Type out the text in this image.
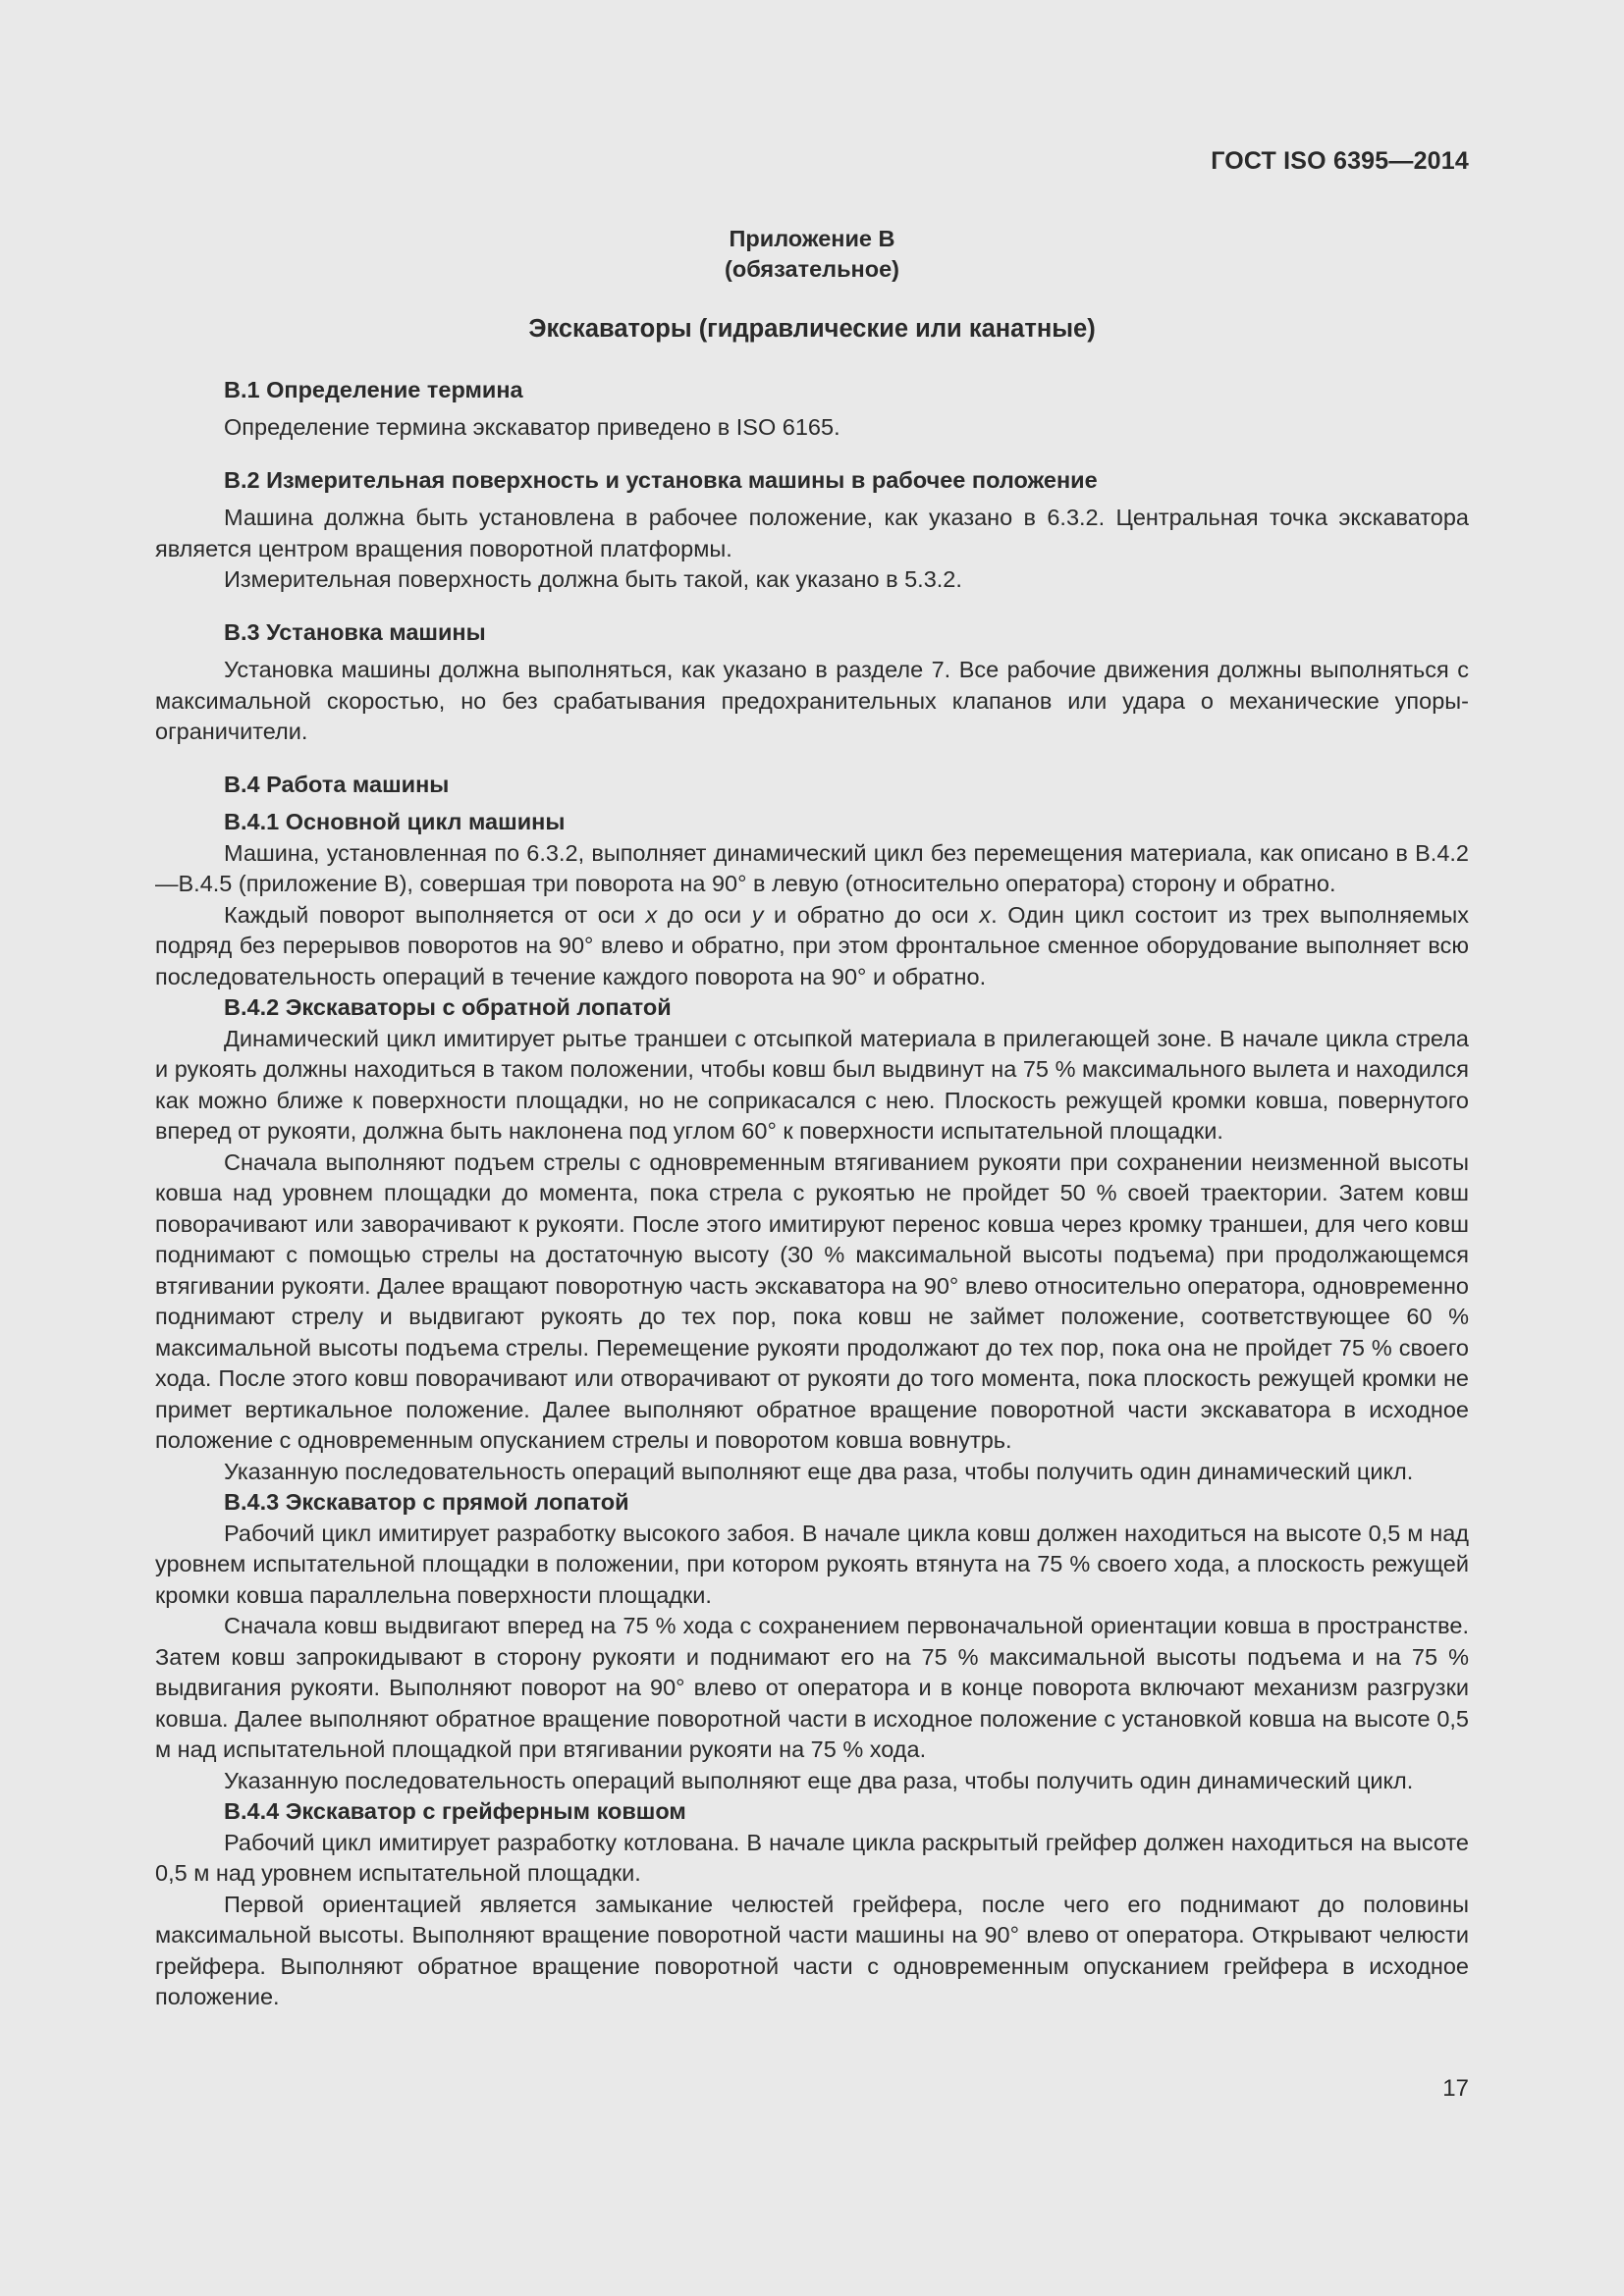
ГОСТ ISO 6395—2014
Приложение В
(обязательное)
Экскаваторы (гидравлические или канатные)
В.1 Определение термина
Определение термина экскаватор приведено в ISO 6165.
В.2 Измерительная поверхность и установка машины в рабочее положение
Машина должна быть установлена в рабочее положение, как указано в 6.3.2. Центральная точка экскаватора является центром вращения поворотной платформы.
Измерительная поверхность должна быть такой, как указано в 5.3.2.
В.3 Установка машины
Установка машины должна выполняться, как указано в разделе 7. Все рабочие движения должны выполняться с максимальной скоростью, но без срабатывания предохранительных клапанов или удара о механические упоры-ограничители.
В.4 Работа машины
В.4.1 Основной цикл машины
Машина, установленная по 6.3.2, выполняет динамический цикл без перемещения материала, как описано в В.4.2—В.4.5 (приложение В), совершая три поворота на 90° в левую (относительно оператора) сторону и обратно.
Каждый поворот выполняется от оси x до оси y и обратно до оси x. Один цикл состоит из трех выполняемых подряд без перерывов поворотов на 90° влево и обратно, при этом фронтальное сменное оборудование выполняет всю последовательность операций в течение каждого поворота на 90° и обратно.
В.4.2 Экскаваторы с обратной лопатой
Динамический цикл имитирует рытье траншеи с отсыпкой материала в прилегающей зоне. В начале цикла стрела и рукоять должны находиться в таком положении, чтобы ковш был выдвинут на 75 % максимального вылета и находился как можно ближе к поверхности площадки, но не соприкасался с нею. Плоскость режущей кромки ковша, повернутого вперед от рукояти, должна быть наклонена под углом 60° к поверхности испытательной площадки.
Сначала выполняют подъем стрелы с одновременным втягиванием рукояти при сохранении неизменной высоты ковша над уровнем площадки до момента, пока стрела с рукоятью не пройдет 50 % своей траектории. Затем ковш поворачивают или заворачивают к рукояти. После этого имитируют перенос ковша через кромку траншеи, для чего ковш поднимают с помощью стрелы на достаточную высоту (30 % максимальной высоты подъема) при продолжающемся втягивании рукояти. Далее вращают поворотную часть экскаватора на 90° влево относительно оператора, одновременно поднимают стрелу и выдвигают рукоять до тех пор, пока ковш не займет положение, соответствующее 60 % максимальной высоты подъема стрелы. Перемещение рукояти продолжают до тех пор, пока она не пройдет 75 % своего хода. После этого ковш поворачивают или отворачивают от рукояти до того момента, пока плоскость режущей кромки не примет вертикальное положение. Далее выполняют обратное вращение поворотной части экскаватора в исходное положение с одновременным опусканием стрелы и поворотом ковша вовнутрь.
Указанную последовательность операций выполняют еще два раза, чтобы получить один динамический цикл.
В.4.3 Экскаватор с прямой лопатой
Рабочий цикл имитирует разработку высокого забоя. В начале цикла ковш должен находиться на высоте 0,5 м над уровнем испытательной площадки в положении, при котором рукоять втянута на 75 % своего хода, а плоскость режущей кромки ковша параллельна поверхности площадки.
Сначала ковш выдвигают вперед на 75 % хода с сохранением первоначальной ориентации ковша в пространстве. Затем ковш запрокидывают в сторону рукояти и поднимают его на 75 % максимальной высоты подъема и на 75 % выдвигания рукояти. Выполняют поворот на 90° влево от оператора и в конце поворота включают механизм разгрузки ковша. Далее выполняют обратное вращение поворотной части в исходное положение с установкой ковша на высоте 0,5 м над испытательной площадкой при втягивании рукояти на 75 % хода.
Указанную последовательность операций выполняют еще два раза, чтобы получить один динамический цикл.
В.4.4 Экскаватор с грейферным ковшом
Рабочий цикл имитирует разработку котлована. В начале цикла раскрытый грейфер должен находиться на высоте 0,5 м над уровнем испытательной площадки.
Первой ориентацией является замыкание челюстей грейфера, после чего его поднимают до половины максимальной высоты. Выполняют вращение поворотной части машины на 90° влево от оператора. Открывают челюсти грейфера. Выполняют обратное вращение поворотной части с одновременным опусканием грейфера в исходное положение.
17
